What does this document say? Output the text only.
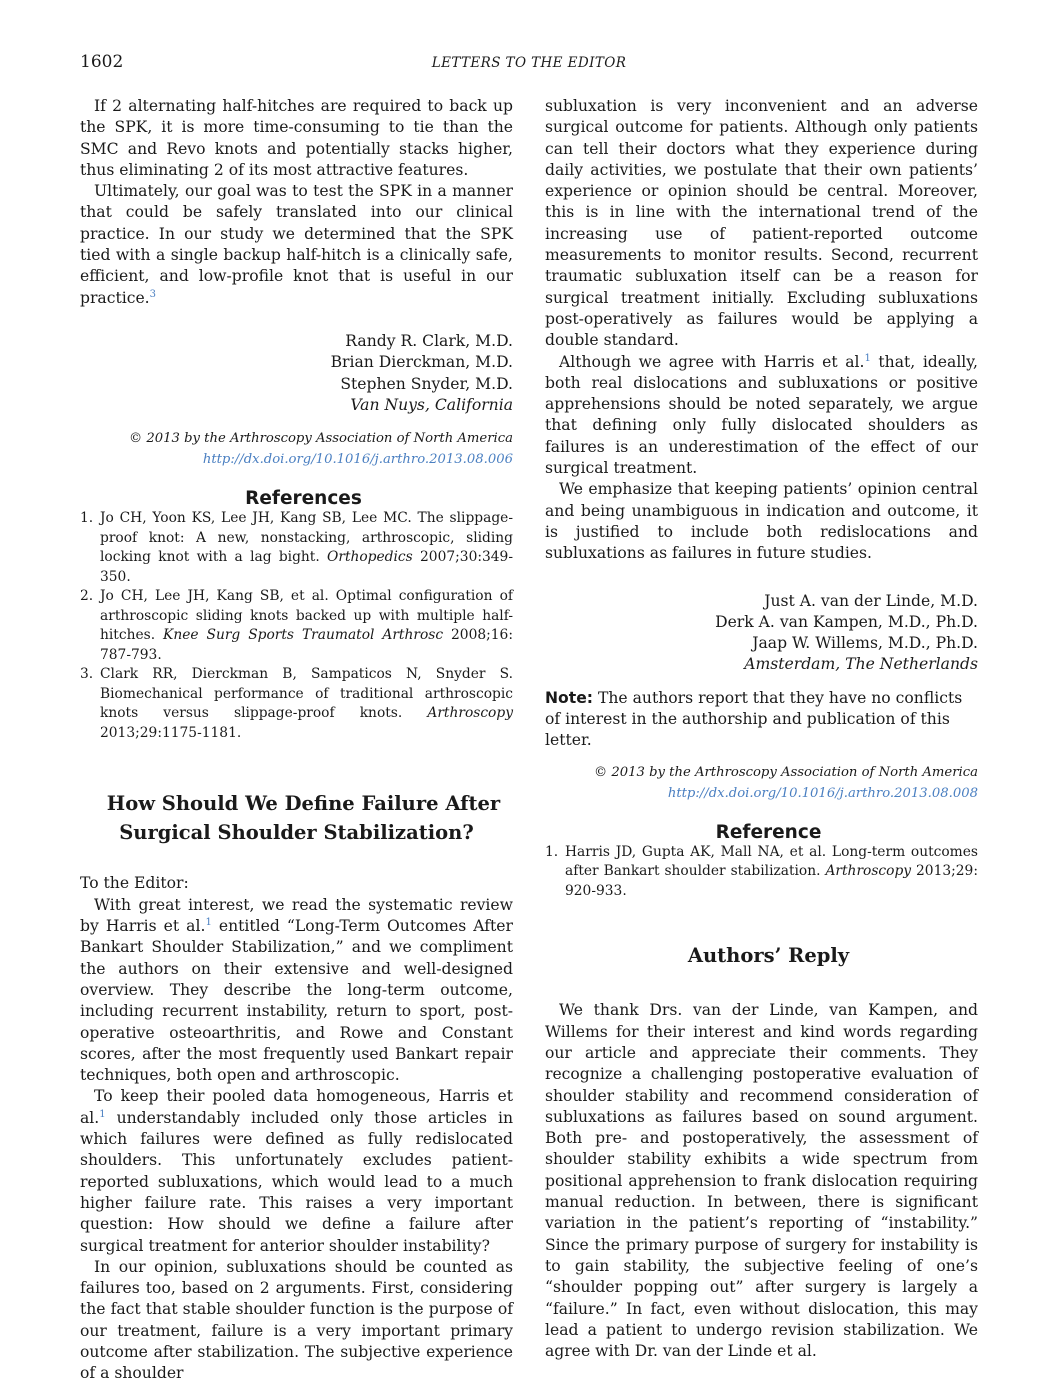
1602	LETTERS TO THE EDITOR

If 2 alternating half-hitches are required to back up the SPK, it is more time-consuming to tie than the SMC and Revo knots and potentially stacks higher, thus eliminating 2 of its most attractive features.

Ultimately, our goal was to test the SPK in a manner that could be safely translated into our clinical practice. In our study we determined that the SPK tied with a single backup half-hitch is a clinically safe, efficient, and low-profile knot that is useful in our practice.$^3$

Randy R. Clark, M.D.

Brian Dierckman, M.D.

Stephen Snyder, M.D.

Van Nuys, California

© 2013 by the Arthroscopy Association of North America

http://dx.doi.org/10.1016/j.arthro.2013.08.006

References

1. Jo CH, Yoon KS, Lee JH, Kang SB, Lee MC. The slippage-proof knot: A new, nonstacking, arthroscopic, sliding locking knot with a lag bight. Orthopedics 2007;30:349-350.
2. Jo CH, Lee JH, Kang SB, et al. Optimal configuration of arthroscopic sliding knots backed up with multiple half-hitches. Knee Surg Sports Traumatol Arthrosc 2008;16: 787-793.
3. Clark RR, Dierckman B, Sampaticos N, Snyder S. Biomechanical performance of traditional arthroscopic knots versus slippage-proof knots. Arthroscopy 2013;29:1175-1181.

How Should We Define Failure After Surgical Shoulder Stabilization?

To the Editor:

With great interest, we read the systematic review by Harris et al.$^1$ entitled “Long-Term Outcomes After Bankart Shoulder Stabilization,” and we compliment the authors on their extensive and well-designed overview. They describe the long-term outcome, including recurrent instability, return to sport, post-operative osteoarthritis, and Rowe and Constant scores, after the most frequently used Bankart repair techniques, both open and arthroscopic.

To keep their pooled data homogeneous, Harris et al.$^1$ understandably included only those articles in which failures were defined as fully redislocated shoulders. This unfortunately excludes patient-reported subluxations, which would lead to a much higher failure rate. This raises a very important question: How should we define a failure after surgical treatment for anterior shoulder instability?

In our opinion, subluxations should be counted as failures too, based on 2 arguments. First, considering the fact that stable shoulder function is the purpose of our treatment, failure is a very important primary outcome after stabilization. The subjective experience of a shoulder

subluxation is very inconvenient and an adverse surgical outcome for patients. Although only patients can tell their doctors what they experience during daily activities, we postulate that their own patients’ experience or opinion should be central. Moreover, this is in line with the international trend of the increasing use of patient-reported outcome measurements to monitor results. Second, recurrent traumatic subluxation itself can be a reason for surgical treatment initially. Excluding subluxations post-operatively as failures would be applying a double standard.

Although we agree with Harris et al.$^1$ that, ideally, both real dislocations and subluxations or positive apprehensions should be noted separately, we argue that defining only fully dislocated shoulders as failures is an underestimation of the effect of our surgical treatment.

We emphasize that keeping patients’ opinion central and being unambiguous in indication and outcome, it is justified to include both redislocations and subluxations as failures in future studies.

Just A. van der Linde, M.D.

Derk A. van Kampen, M.D., Ph.D.

Jaap W. Willems, M.D., Ph.D.

Amsterdam, The Netherlands

Note: The authors report that they have no conflicts of interest in the authorship and publication of this letter.

© 2013 by the Arthroscopy Association of North America

http://dx.doi.org/10.1016/j.arthro.2013.08.008

Reference

1. Harris JD, Gupta AK, Mall NA, et al. Long-term outcomes after Bankart shoulder stabilization. Arthroscopy 2013;29: 920-933.

Authors’ Reply

We thank Drs. van der Linde, van Kampen, and Willems for their interest and kind words regarding our article and appreciate their comments. They recognize a challenging postoperative evaluation of shoulder stability and recommend consideration of subluxations as failures based on sound argument. Both pre- and postoperatively, the assessment of shoulder stability exhibits a wide spectrum from positional apprehension to frank dislocation requiring manual reduction. In between, there is significant variation in the patient’s reporting of “instability.” Since the primary purpose of surgery for instability is to gain stability, the subjective feeling of one’s “shoulder popping out” after surgery is largely a “failure.” In fact, even without dislocation, this may lead a patient to undergo revision stabilization. We agree with Dr. van der Linde et al.
